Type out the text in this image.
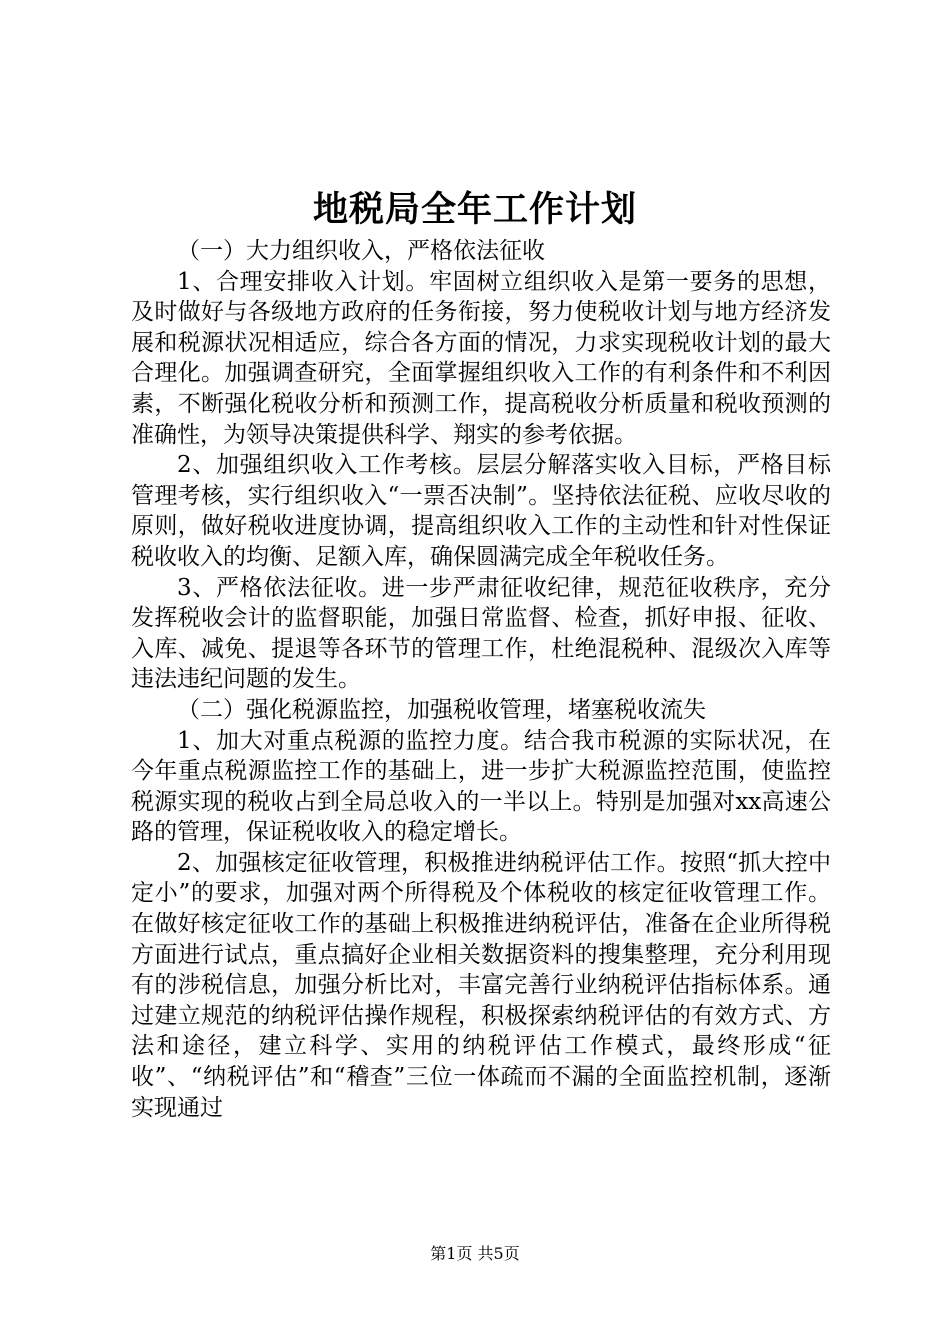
地税局全年工作计划

（一）大力组织收入，严格依法征收

1、合理安排收入计划。牢固树立组织收入是第一要务的思想，及时做好与各级地方政府的任务衔接，努力使税收计划与地方经济发展和税源状况相适应，综合各方面的情况，力求实现税收计划的最大合理化。加强调查研究，全面掌握组织收入工作的有利条件和不利因素，不断强化税收分析和预测工作，提高税收分析质量和税收预测的准确性，为领导决策提供科学、翔实的参考依据。

2、加强组织收入工作考核。层层分解落实收入目标，严格目标管理考核，实行组织收入“一票否决制”。坚持依法征税、应收尽收的原则，做好税收进度协调，提高组织收入工作的主动性和针对性保证税收收入的均衡、足额入库，确保圆满完成全年税收任务。

3、严格依法征收。进一步严肃征收纪律，规范征收秩序，充分发挥税收会计的监督职能，加强日常监督、检查，抓好申报、征收、入库、减免、提退等各环节的管理工作，杜绝混税种、混级次入库等违法违纪问题的发生。

（二）强化税源监控，加强税收管理，堵塞税收流失

1、加大对重点税源的监控力度。结合我市税源的实际状况，在今年重点税源监控工作的基础上，进一步扩大税源监控范围，使监控税源实现的税收占到全局总收入的一半以上。特别是加强对xx高速公路的管理，保证税收收入的稳定增长。

2、加强核定征收管理，积极推进纳税评估工作。按照“抓大控中定小”的要求，加强对两个所得税及个体税收的核定征收管理工作。在做好核定征收工作的基础上积极推进纳税评估，准备在企业所得税方面进行试点，重点搞好企业相关数据资料的搜集整理，充分利用现有的涉税信息，加强分析比对，丰富完善行业纳税评估指标体系。通过建立规范的纳税评估操作规程，积极探索纳税评估的有效方式、方法和途径，建立科学、实用的纳税评估工作模式，最终形成“征收”、“纳税评估”和“稽查”三位一体疏而不漏的全面监控机制，逐渐实现通过

第1页 共5页
